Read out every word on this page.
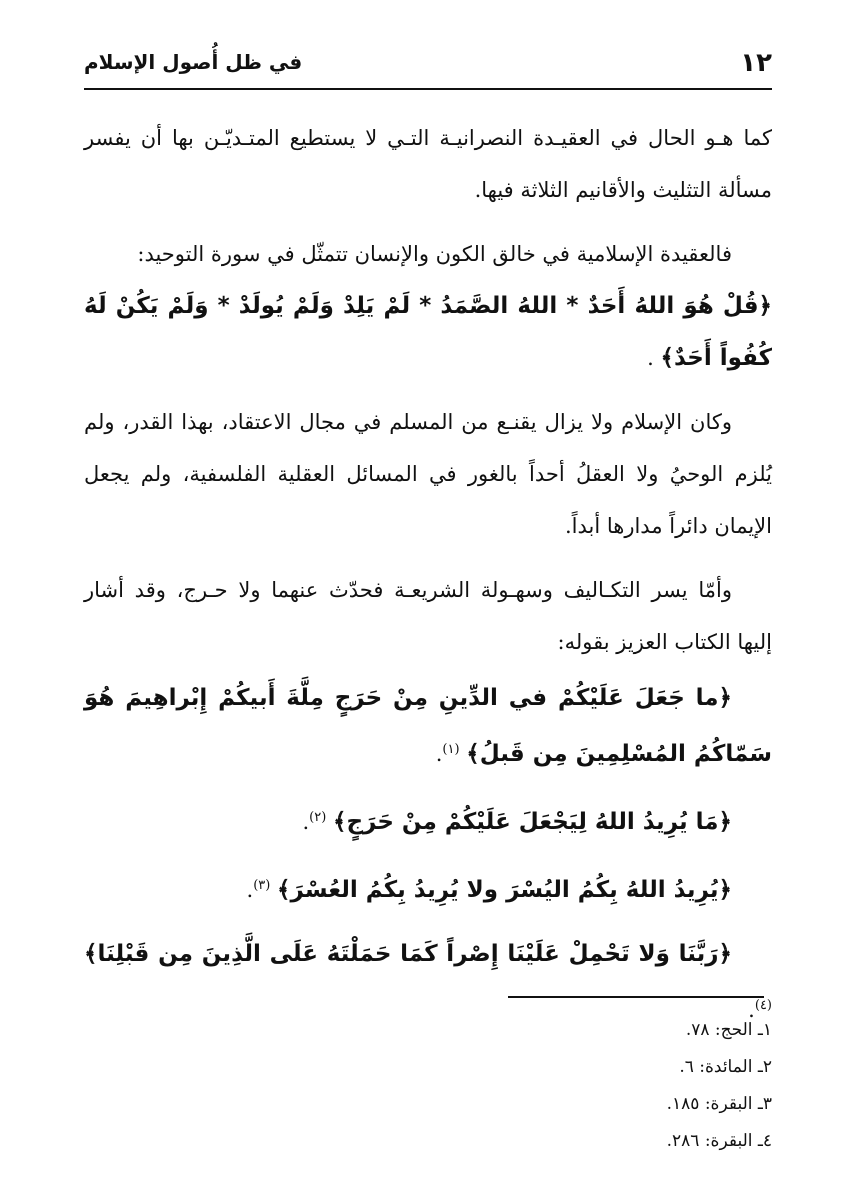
١٢
في ظل أُصول الإسلام

كما هـو الحال في العقيـدة النصرانيـة التـي لا يستطيع المتـديّـن بها أن يفسر مسألة التثليث والأقانيم الثلاثة فيها.

فالعقيدة الإسلامية في خالق الكون والإنسان تتمثّل في سورة التوحيد:

﴿قُلْ هُوَ اللهُ أَحَدٌ * اللهُ الصَّمَدُ * لَمْ يَلِدْ وَلَمْ يُولَدْ * وَلَمْ يَكُنْ لَهُ كُفُواً أَحَدٌ﴾ .

وكان الإسلام ولا يزال يقنـع من المسلم في مجال الاعتقاد، بهذا القدر، ولم يُلزم الوحيُ ولا العقلُ أحداً بالغور في المسائل العقلية الفلسفية، ولم يجعل الإيمان دائراً مدارها أبداً.

وأمّا يسر التكـاليف وسهـولة الشريعـة فحدّث عنهما ولا حـرج، وقد أشار إليها الكتاب العزيز بقوله:

﴿ما جَعَلَ عَلَيْكُمْ في الدِّينِ مِنْ حَرَجٍ مِلَّةَ أَبيكُمْ إِبْراهِيمَ هُوَ سَمّاكُمُ المُسْلِمِينَ مِن قَبلُ﴾ $^{(١)}$.

﴿مَا يُرِيدُ اللهُ لِيَجْعَلَ عَلَيْكُمْ مِنْ حَرَجٍ﴾ $^{(٢)}$.

﴿يُرِيدُ اللهُ بِكُمُ اليُسْرَ ولا يُرِيدُ بِكُمُ العُسْرَ﴾ $^{(٣)}$.

﴿رَبَّنَا وَلا تَحْمِلْ عَلَيْنَا إِصْراً كَمَا حَمَلْتَهُ عَلَى الَّذِينَ مِن قَبْلِنَا﴾ $^{(٤)}$.

١ـ الحج: ٧٨.
٢ـ المائدة: ٦.
٣ـ البقرة: ١٨٥.
٤ـ البقرة: ٢٨٦.
